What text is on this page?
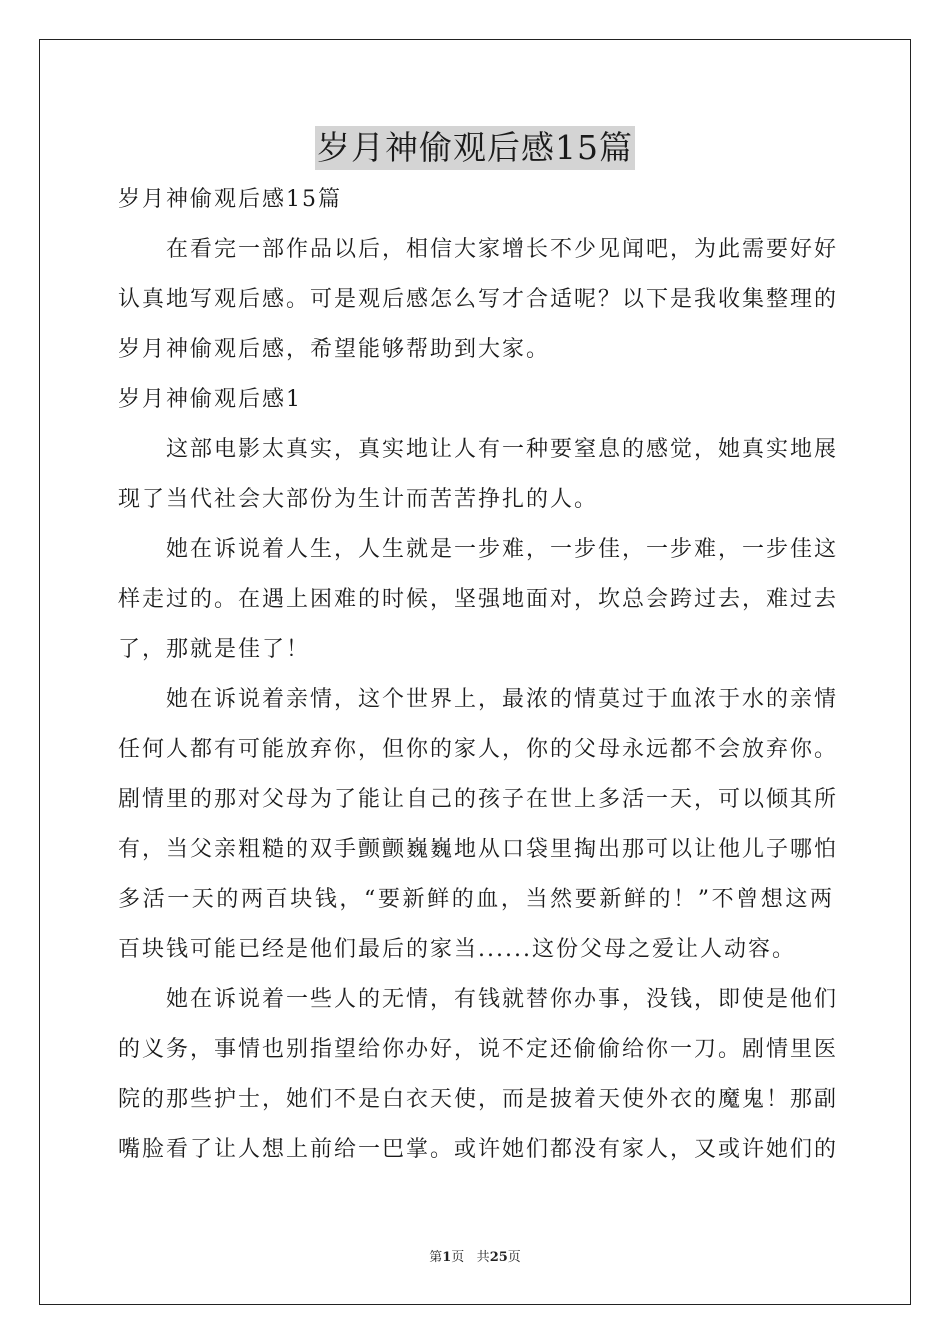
岁月神偷观后感15篇
岁月神偷观后感15篇
在看完一部作品以后，相信大家增长不少见闻吧，为此需要好好
认真地写观后感。可是观后感怎么写才合适呢？以下是我收集整理的
岁月神偷观后感，希望能够帮助到大家。
岁月神偷观后感1
这部电影太真实，真实地让人有一种要窒息的感觉，她真实地展
现了当代社会大部份为生计而苦苦挣扎的人。
她在诉说着人生，人生就是一步难，一步佳，一步难，一步佳这
样走过的。在遇上困难的时候，坚强地面对，坎总会跨过去，难过去
了，那就是佳了！
她在诉说着亲情，这个世界上，最浓的情莫过于血浓于水的亲情
任何人都有可能放弃你，但你的家人，你的父母永远都不会放弃你。
剧情里的那对父母为了能让自己的孩子在世上多活一天，可以倾其所
有，当父亲粗糙的双手颤颤巍巍地从口袋里掏出那可以让他儿子哪怕
多活一天的两百块钱，“要新鲜的血，当然要新鲜的！”不曾想这两
百块钱可能已经是他们最后的家当......这份父母之爱让人动容。
她在诉说着一些人的无情，有钱就替你办事，没钱，即使是他们
的义务，事情也别指望给你办好，说不定还偷偷给你一刀。剧情里医
院的那些护士，她们不是白衣天使，而是披着天使外衣的魔鬼！那副
嘴脸看了让人想上前给一巴掌。或许她们都没有家人，又或许她们的
第1页 共25页
